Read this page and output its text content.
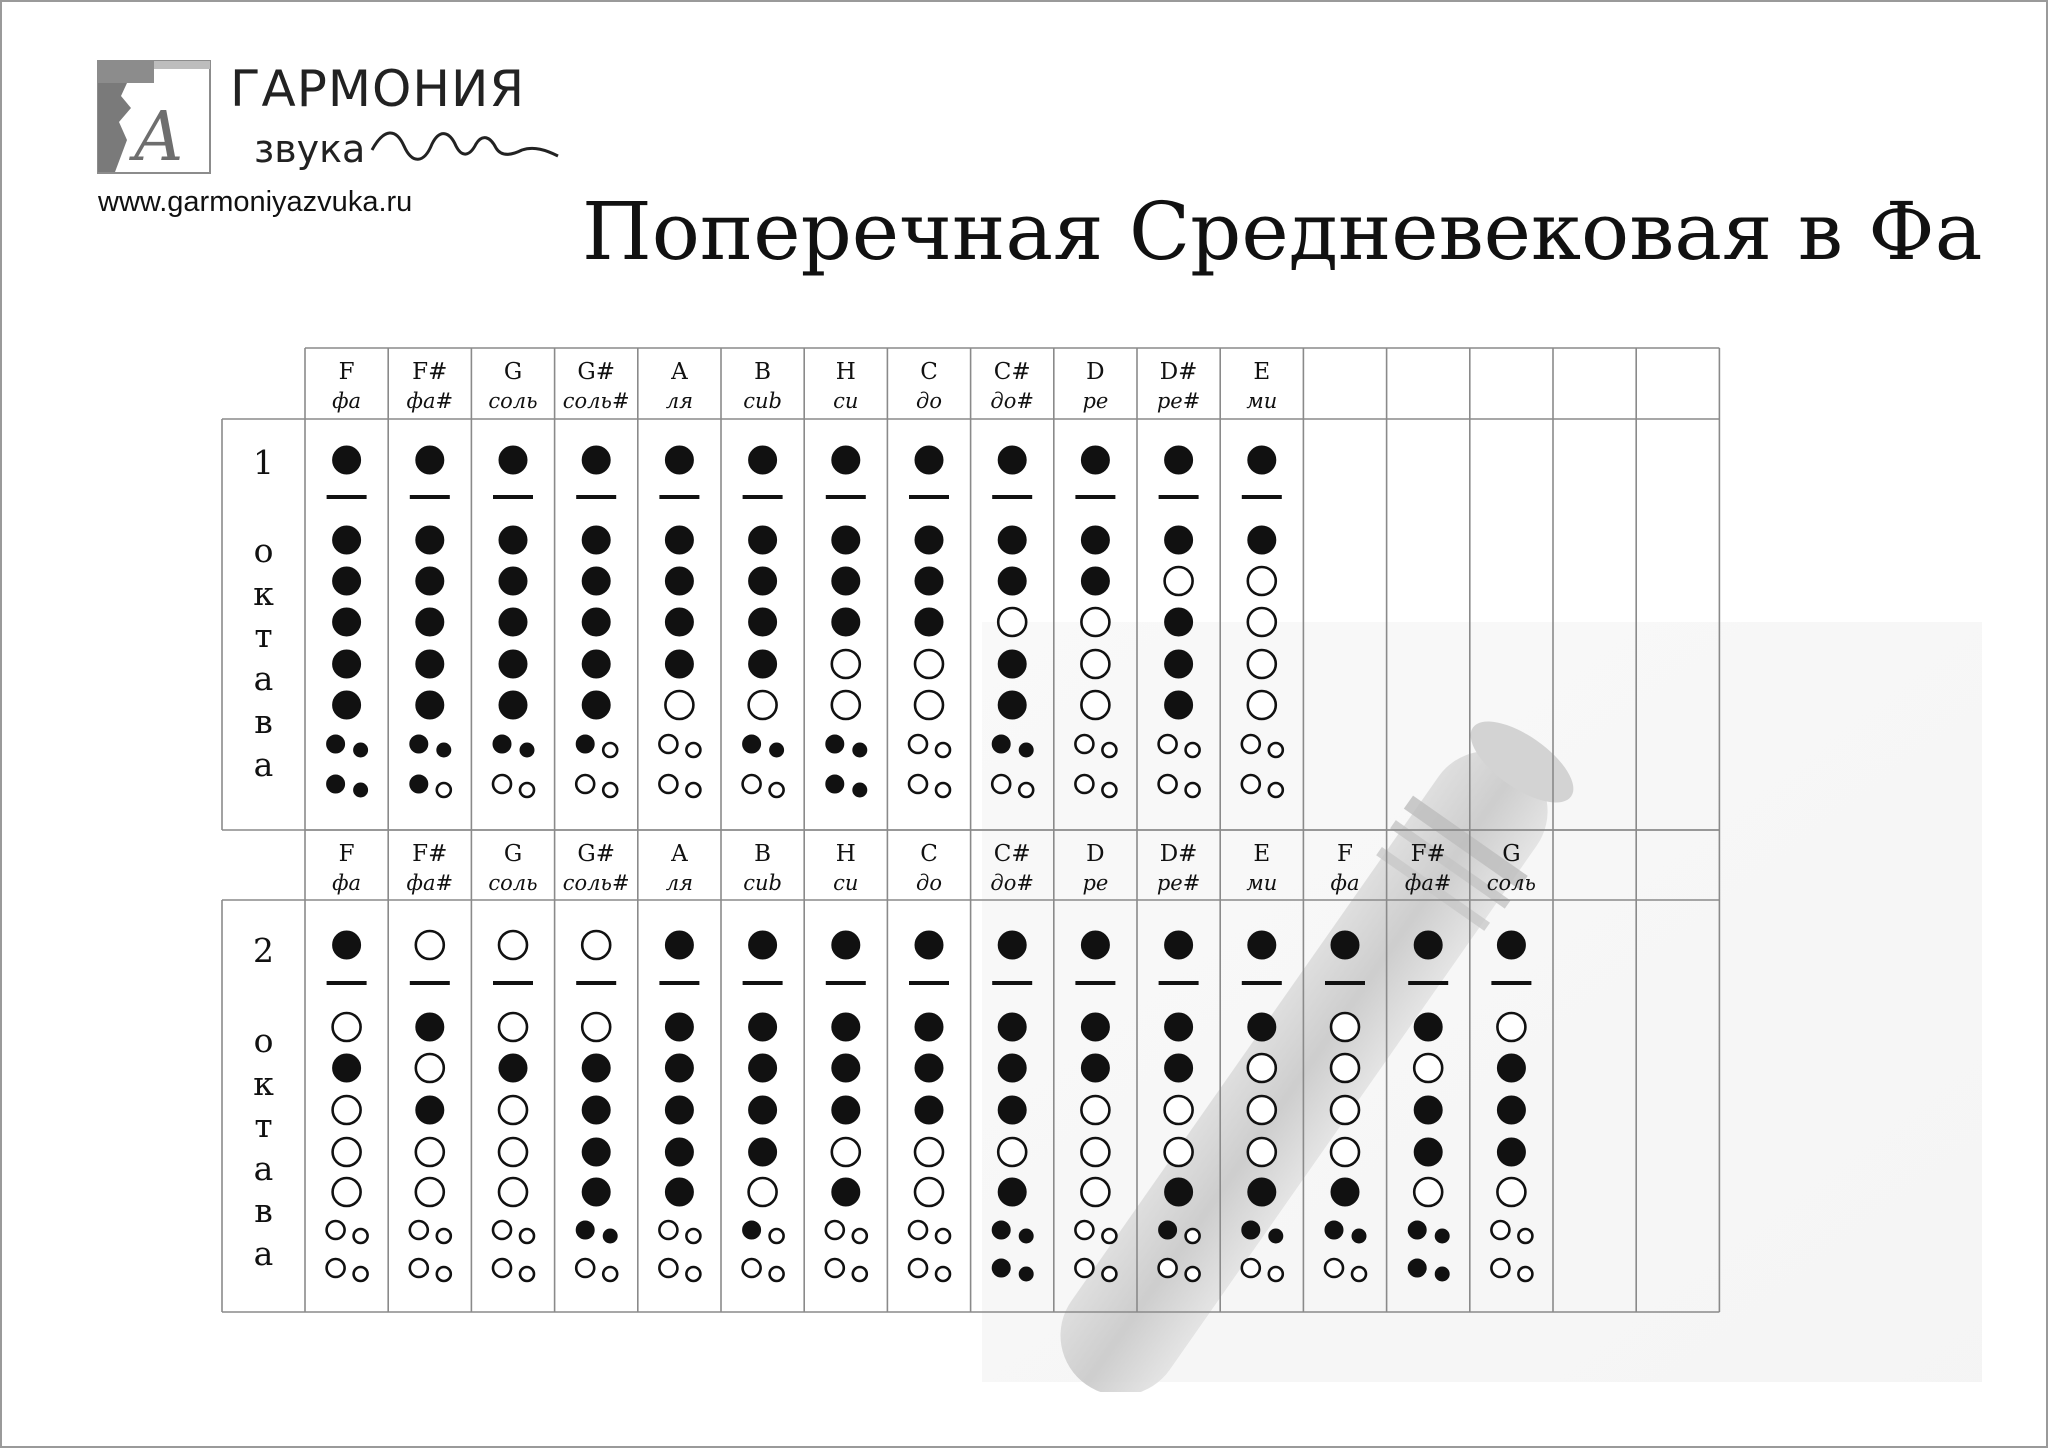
А
ГАРМОНИЯ
звука
www.garmoniyazvuka.ru Поперечная Средневековая в Фа
1
о
к
т
а
в
а
F
фа
F#
фа#
G
соль
G#
соль#
A
ля
B
сиb
H
си
C
до
C#
до#
D
ре
D#
ре#
E
ми
2
о
к
т
а
в
а
F
фа
F#
фа#
G
соль
G#
соль#
A
ля
B
сиb
H
си
C
до
C#
до#
D
ре
D#
ре#
E
ми
F
фа
F#
фа#
G
соль
